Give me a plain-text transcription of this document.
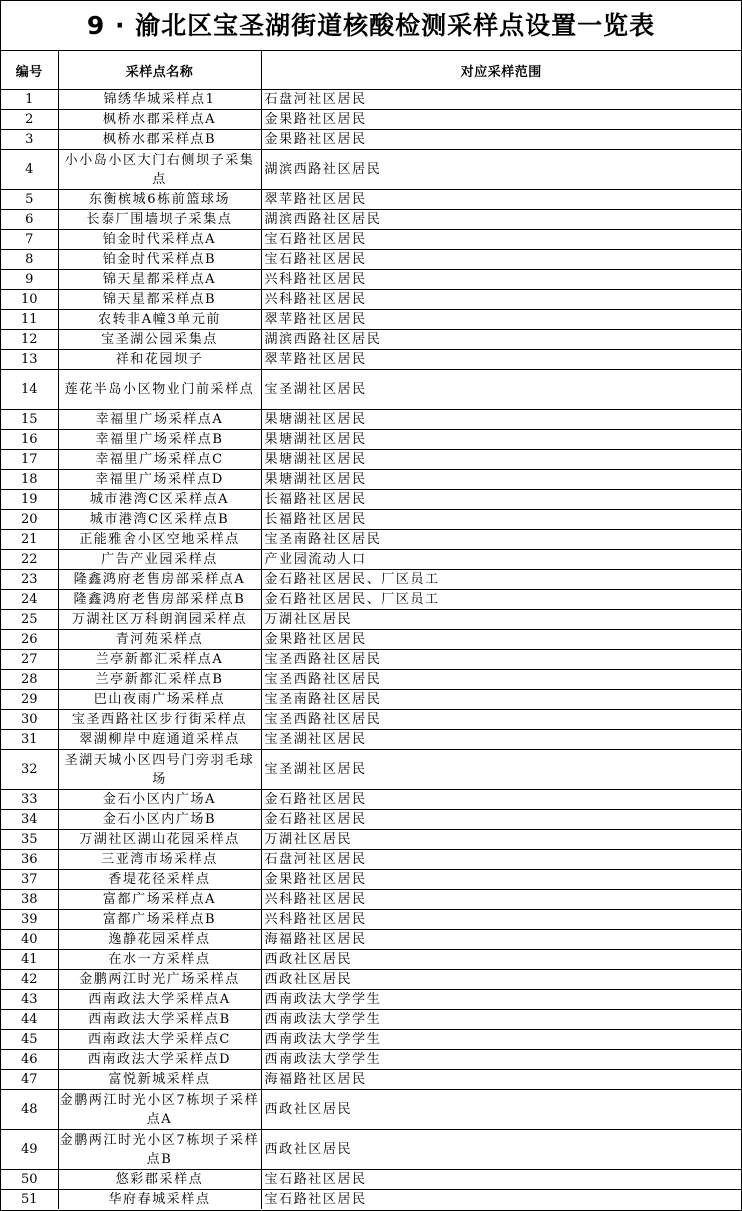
9 · 渝北区宝圣湖街道核酸检测采样点设置一览表
编号	采样点名称	对应采样范围
1	锦绣华城采样点1	石盘河社区居民
2	枫桥水郡采样点A	金果路社区居民
3	枫桥水郡采样点B	金果路社区居民
4	小小岛小区大门右侧坝子采集点	湖滨西路社区居民
5	东衡槟城6栋前篮球场	翠苹路社区居民
6	长泰厂围墙坝子采集点	湖滨西路社区居民
7	铂金时代采样点A	宝石路社区居民
8	铂金时代采样点B	宝石路社区居民
9	锦天星都采样点A	兴科路社区居民
10	锦天星都采样点B	兴科路社区居民
11	农转非A幢3单元前	翠苹路社区居民
12	宝圣湖公园采集点	湖滨西路社区居民
13	祥和花园坝子	翠苹路社区居民
14	莲花半岛小区物业门前采样点	宝圣湖社区居民
15	幸福里广场采样点A	果塘湖社区居民
16	幸福里广场采样点B	果塘湖社区居民
17	幸福里广场采样点C	果塘湖社区居民
18	幸福里广场采样点D	果塘湖社区居民
19	城市港湾C区采样点A	长福路社区居民
20	城市港湾C区采样点B	长福路社区居民
21	正能雅舍小区空地采样点	宝圣南路社区居民
22	广告产业园采样点	产业园流动人口
23	隆鑫鸿府老售房部采样点A	金石路社区居民、厂区员工
24	隆鑫鸿府老售房部采样点B	金石路社区居民、厂区员工
25	万湖社区万科朗润园采样点	万湖社区居民
26	青河苑采样点	金果路社区居民
27	兰亭新都汇采样点A	宝圣西路社区居民
28	兰亭新都汇采样点B	宝圣西路社区居民
29	巴山夜雨广场采样点	宝圣南路社区居民
30	宝圣西路社区步行街采样点	宝圣西路社区居民
31	翠湖柳岸中庭通道采样点	宝圣湖社区居民
32	圣湖天城小区四号门旁羽毛球场	宝圣湖社区居民
33	金石小区内广场A	金石路社区居民
34	金石小区内广场B	金石路社区居民
35	万湖社区湖山花园采样点	万湖社区居民
36	三亚湾市场采样点	石盘河社区居民
37	香堤花径采样点	金果路社区居民
38	富都广场采样点A	兴科路社区居民
39	富都广场采样点B	兴科路社区居民
40	逸静花园采样点	海福路社区居民
41	在水一方采样点	西政社区居民
42	金鹏两江时光广场采样点	西政社区居民
43	西南政法大学采样点A	西南政法大学学生
44	西南政法大学采样点B	西南政法大学学生
45	西南政法大学采样点C	西南政法大学学生
46	西南政法大学采样点D	西南政法大学学生
47	富悦新城采样点	海福路社区居民
48	金鹏两江时光小区7栋坝子采样点A	西政社区居民
49	金鹏两江时光小区7栋坝子采样点B	西政社区居民
50	悠彩郡采样点	宝石路社区居民
51	华府春城采样点	宝石路社区居民
